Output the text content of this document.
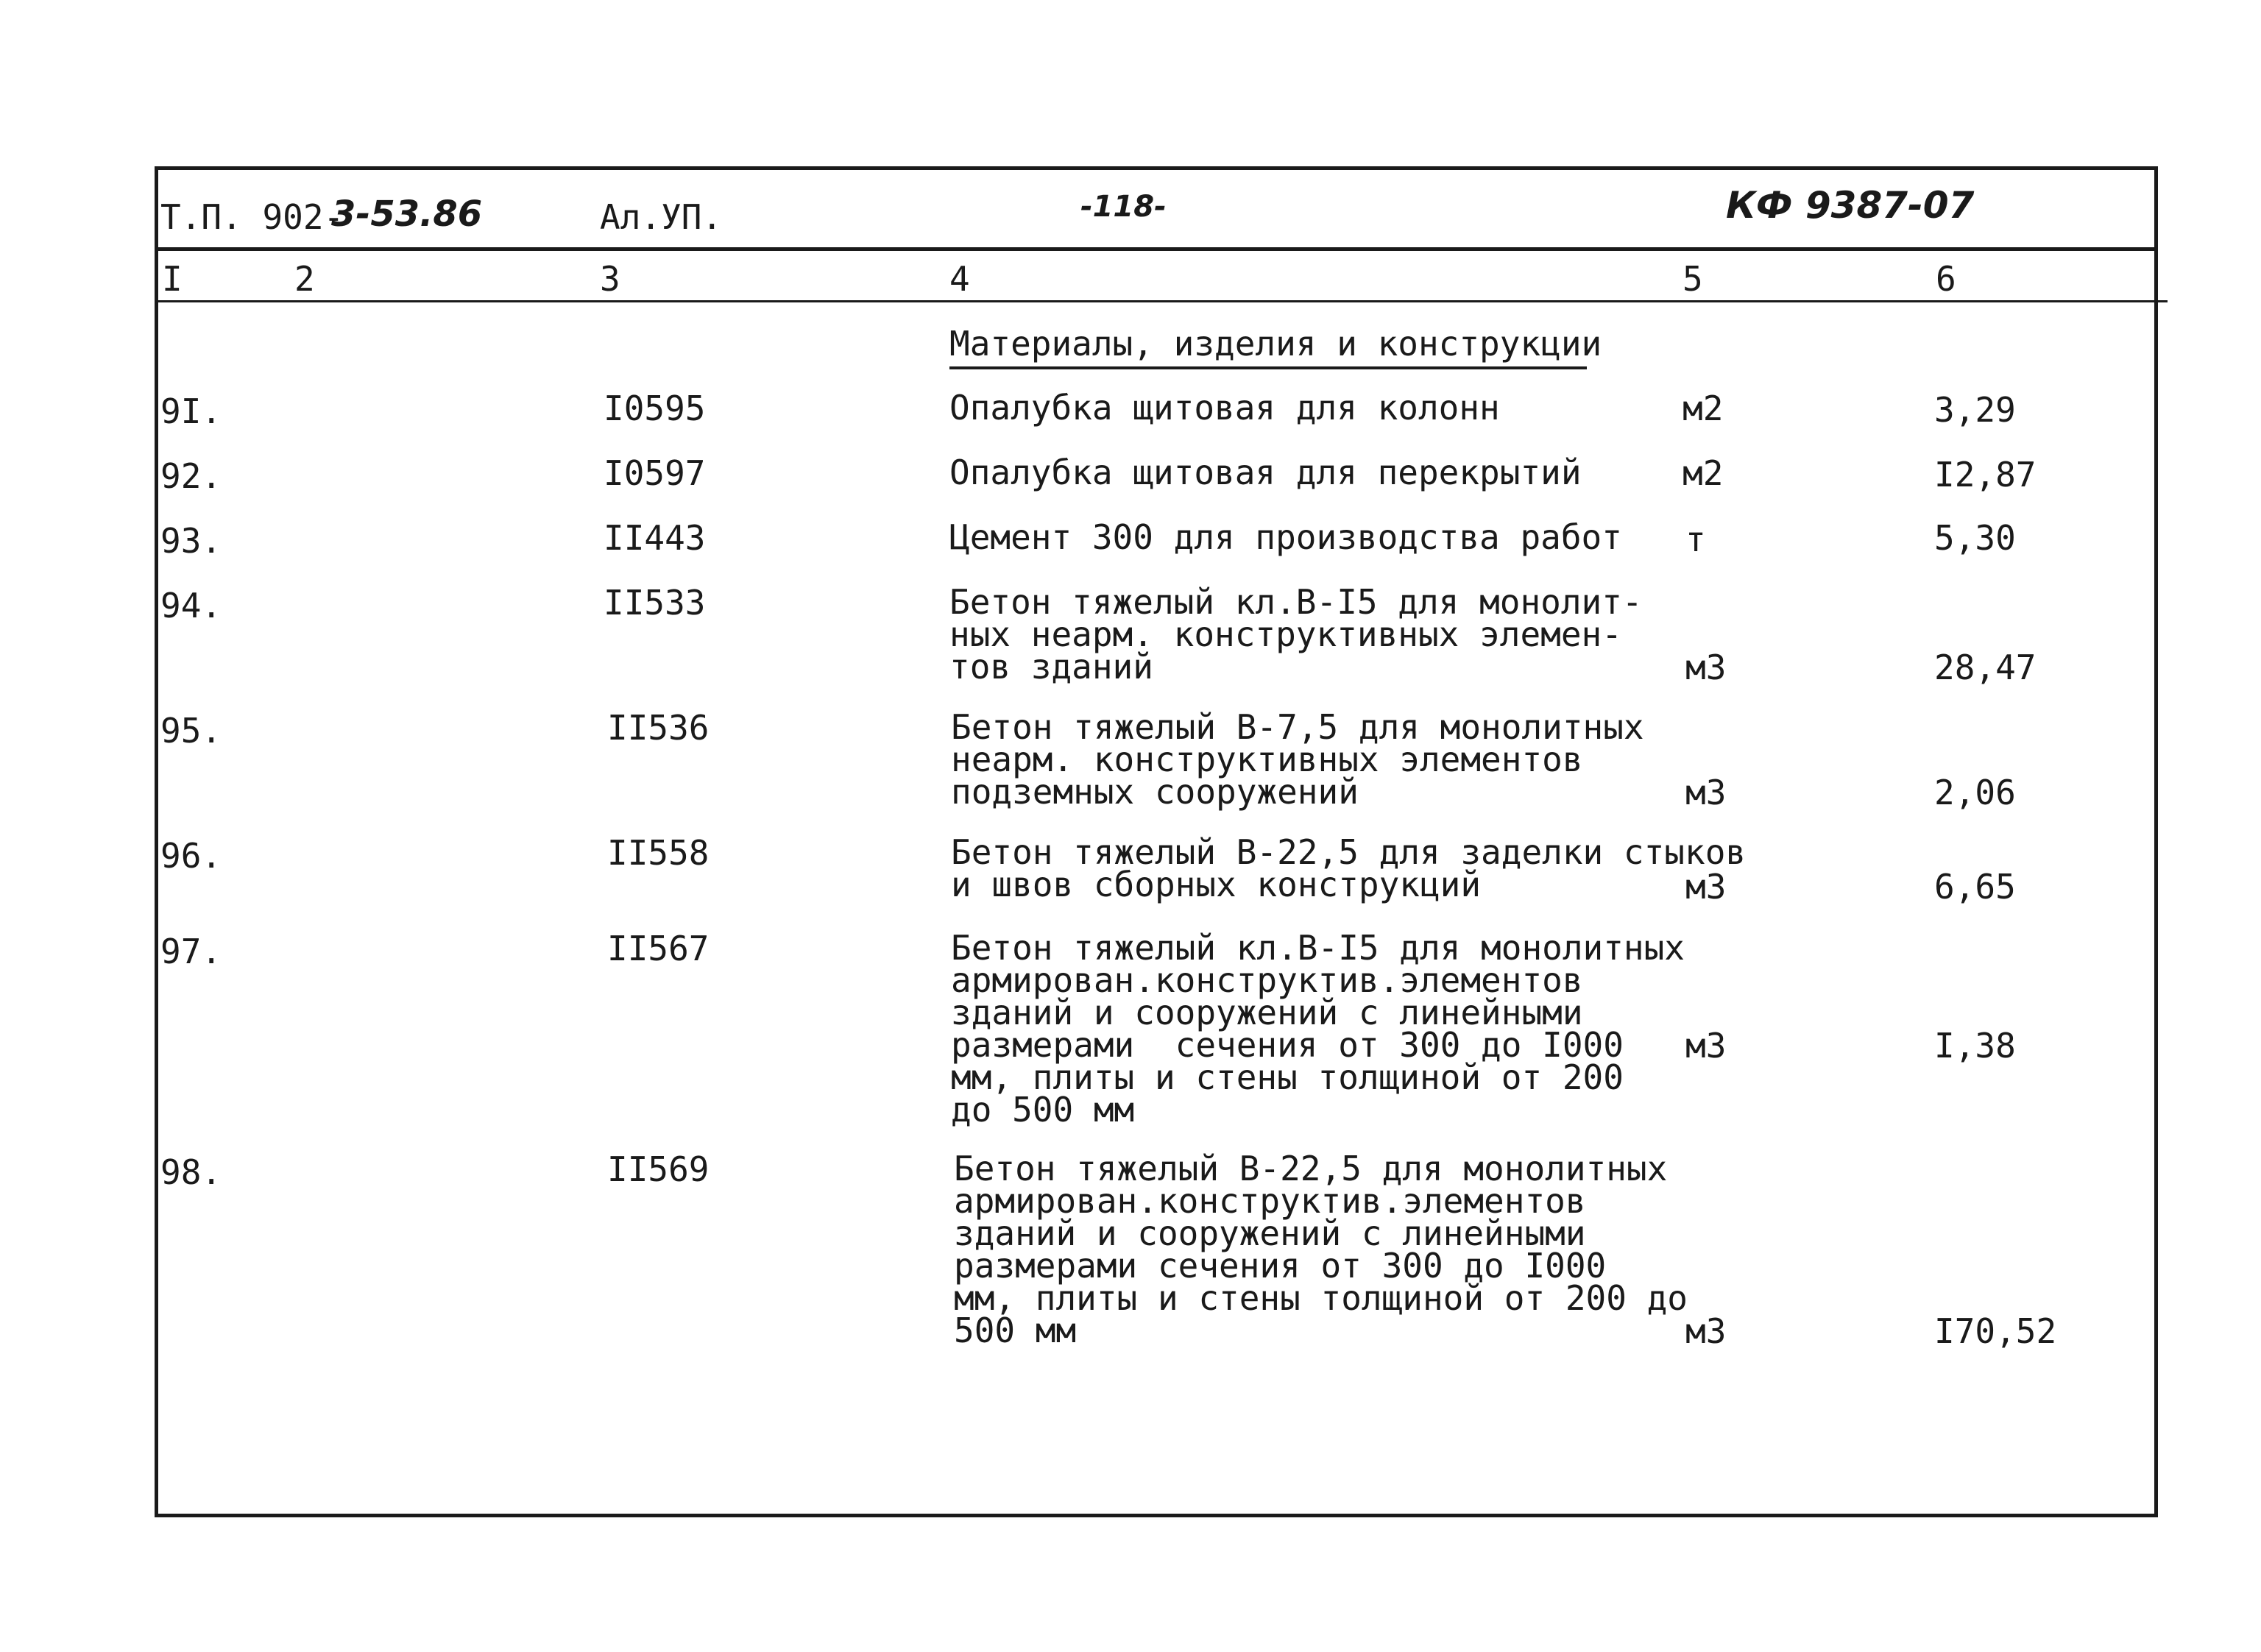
Т.П. 902-
3-53.86	Ал.УП.	-118-	КФ 9387-07
I	2	3	4	5	6
Материалы, изделия и конструкции
9I.	I0595	Опалубка щитовая для колонн	м2	3,29
92.	I0597	Опалубка щитовая для перекрытий	м2	I2,87
93.	II443	Цемент 300 для производства работ т	5,30
94.	II533	Бетон тяжелый кл.В-I5 для монолит-
ных неарм. конструктивных элемен-
тов зданий	м3	28,47
95.	II536	Бетон тяжелый В-7,5 для монолитных
неарм. конструктивных элементов
подземных сооружений	м3	2,06
96.	II558	Бетон тяжелый В-22,5 для заделки стыков
и швов сборных конструкций	м3	6,65
97.	II567	Бетон тяжелый кл.В-I5 для монолитных
армирован.конструктив.элементов
зданий и сооружений с линейными
размерами  сечения от 300 до I000
мм, плиты и стены толщиной от 200
до 500 мм
м3	I,38
98.	II569	Бетон тяжелый В-22,5 для монолитных
армирован.конструктив.элементов
зданий и сооружений с линейными
размерами сечения от 300 до I000
мм, плиты и стены толщиной от 200 до
500 мм	м3	I70,52
